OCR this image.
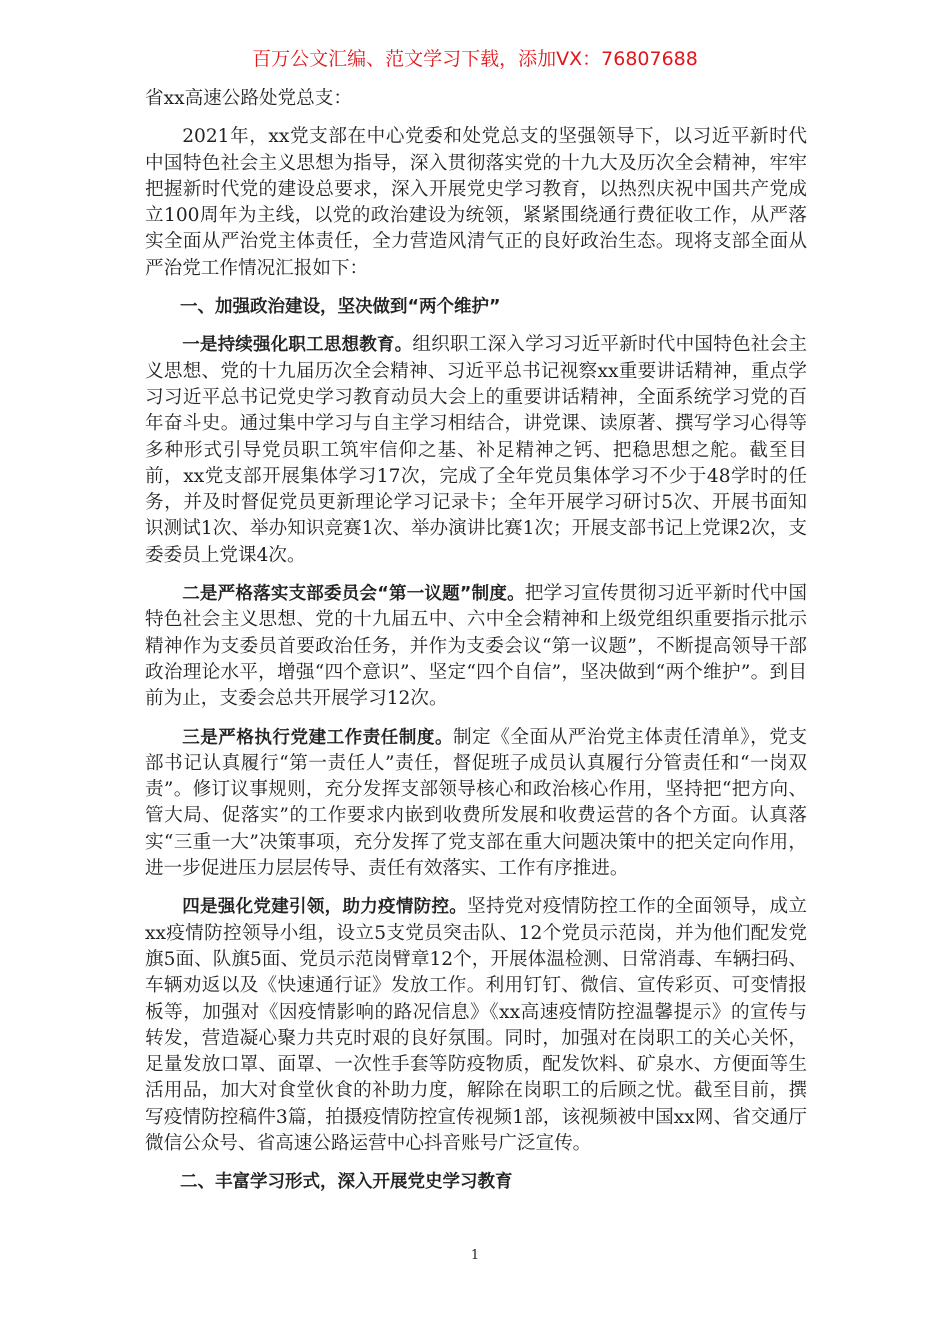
百万公文汇编、范文学习下载，添加VX：76807688

省xx高速公路处党总支：

2021年，xx党支部在中心党委和处党总支的坚强领导下，以习近平新时代中国特色社会主义思想为指导，深入贯彻落实党的十九大及历次全会精神，牢牢把握新时代党的建设总要求，深入开展党史学习教育，以热烈庆祝中国共产党成立100周年为主线，以党的政治建设为统领，紧紧围绕通行费征收工作，从严落实全面从严治党主体责任，全力营造风清气正的良好政治生态。现将支部全面从严治党工作情况汇报如下：

一、加强政治建设，坚决做到“两个维护”

一是持续强化职工思想教育。组织职工深入学习习近平新时代中国特色社会主义思想、党的十九届历次全会精神、习近平总书记视察xx重要讲话精神，重点学习习近平总书记党史学习教育动员大会上的重要讲话精神，全面系统学习党的百年奋斗史。通过集中学习与自主学习相结合，讲党课、读原著、撰写学习心得等多种形式引导党员职工筑牢信仰之基、补足精神之钙、把稳思想之舵。截至目前，xx党支部开展集体学习17次，完成了全年党员集体学习不少于48学时的任务，并及时督促党员更新理论学习记录卡；全年开展学习研讨5次、开展书面知识测试1次、举办知识竞赛1次、举办演讲比赛1次；开展支部书记上党课2次，支委委员上党课4次。

二是严格落实支部委员会“第一议题”制度。把学习宣传贯彻习近平新时代中国特色社会主义思想、党的十九届五中、六中全会精神和上级党组织重要指示批示精神作为支委员首要政治任务，并作为支委会议“第一议题”，不断提高领导干部政治理论水平，增强“四个意识”、坚定“四个自信”，坚决做到“两个维护”。到目前为止，支委会总共开展学习12次。

三是严格执行党建工作责任制度。制定《全面从严治党主体责任清单》，党支部书记认真履行“第一责任人”责任，督促班子成员认真履行分管责任和“一岗双责”。修订议事规则，充分发挥支部领导核心和政治核心作用，坚持把“把方向、管大局、促落实”的工作要求内嵌到收费所发展和收费运营的各个方面。认真落实“三重一大”决策事项，充分发挥了党支部在重大问题决策中的把关定向作用，进一步促进压力层层传导、责任有效落实、工作有序推进。

四是强化党建引领，助力疫情防控。坚持党对疫情防控工作的全面领导，成立xx疫情防控领导小组，设立5支党员突击队、12个党员示范岗，并为他们配发党旗5面、队旗5面、党员示范岗臂章12个，开展体温检测、日常消毒、车辆扫码、车辆劝返以及《快速通行证》发放工作。利用钉钉、微信、宣传彩页、可变情报板等，加强对《因疫情影响的路况信息》《xx高速疫情防控温馨提示》的宣传与转发，营造凝心聚力共克时艰的良好氛围。同时，加强对在岗职工的关心关怀，足量发放口罩、面罩、一次性手套等防疫物质，配发饮料、矿泉水、方便面等生活用品，加大对食堂伙食的补助力度，解除在岗职工的后顾之忧。截至目前，撰写疫情防控稿件3篇，拍摄疫情防控宣传视频1部，该视频被中国xx网、省交通厅微信公众号、省高速公路运营中心抖音账号广泛宣传。

二、丰富学习形式，深入开展党史学习教育

1
